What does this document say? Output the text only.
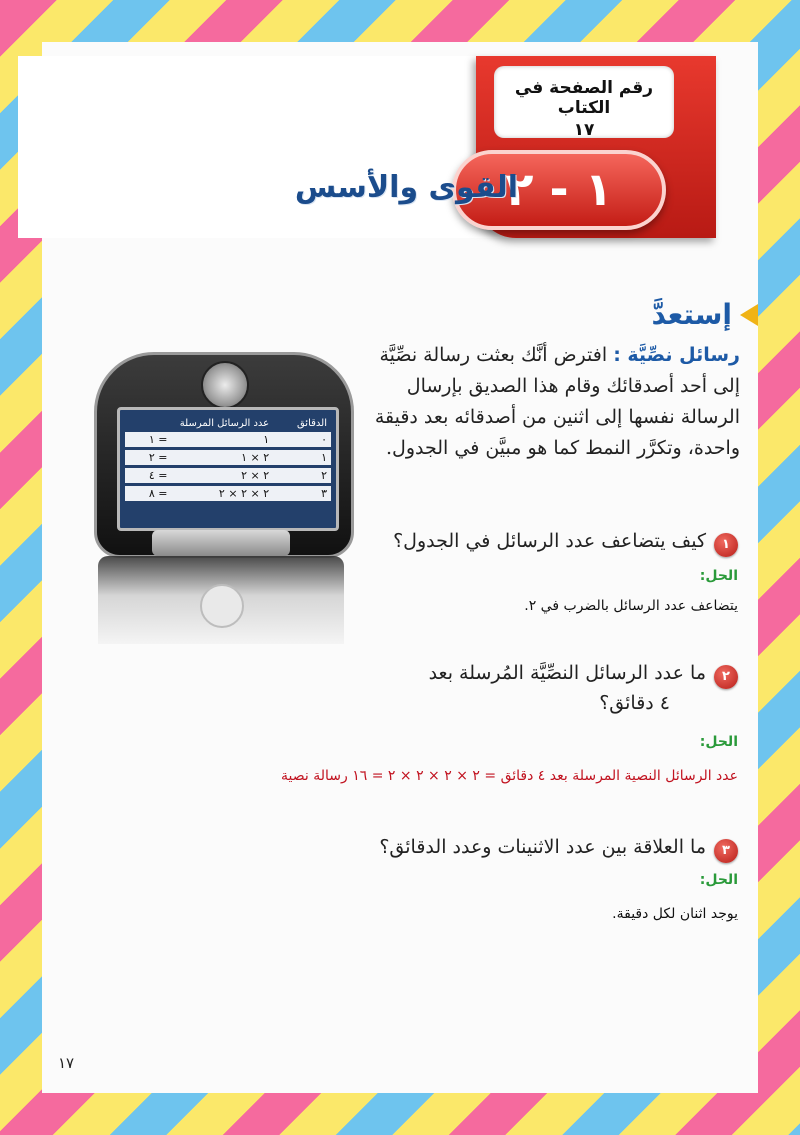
رقم الصفحة في الكتاب
١٧
١ - ٢
القوى والأسس
إستعدَّ
رسائل نصِّيَّة : افترض أنَّك بعثت رسالة نصِّيَّة إلى أحد أصدقائك وقام هذا الصديق بإرسال الرسالة نفسها إلى اثنين من أصدقائه بعد دقيقة واحدة، وتكرَّر النمط كما هو مبيَّن في الجدول.
الدقائق	عدد الرسائل المرسلة	
٠	١	= ١
١	٢ × ١	= ٢
٢	٢ × ٢	= ٤
٣	٢ × ٢ × ٢	= ٨
١
كيف يتضاعف عدد الرسائل في الجدول؟
الحل:
يتضاعف عدد الرسائل بالضرب في ٢.
٢
ما عدد الرسائل النصِّيَّة المُرسلة بعد
٤ دقائق؟
الحل:
عدد الرسائل النصية المرسلة بعد ٤ دقائق = ٢ × ٢ × ٢ × ٢ = ١٦ رسالة نصية
٣
ما العلاقة بين عدد الاثنينات وعدد الدقائق؟
الحل:
يوجد اثنان لكل دقيقة.
١٧
